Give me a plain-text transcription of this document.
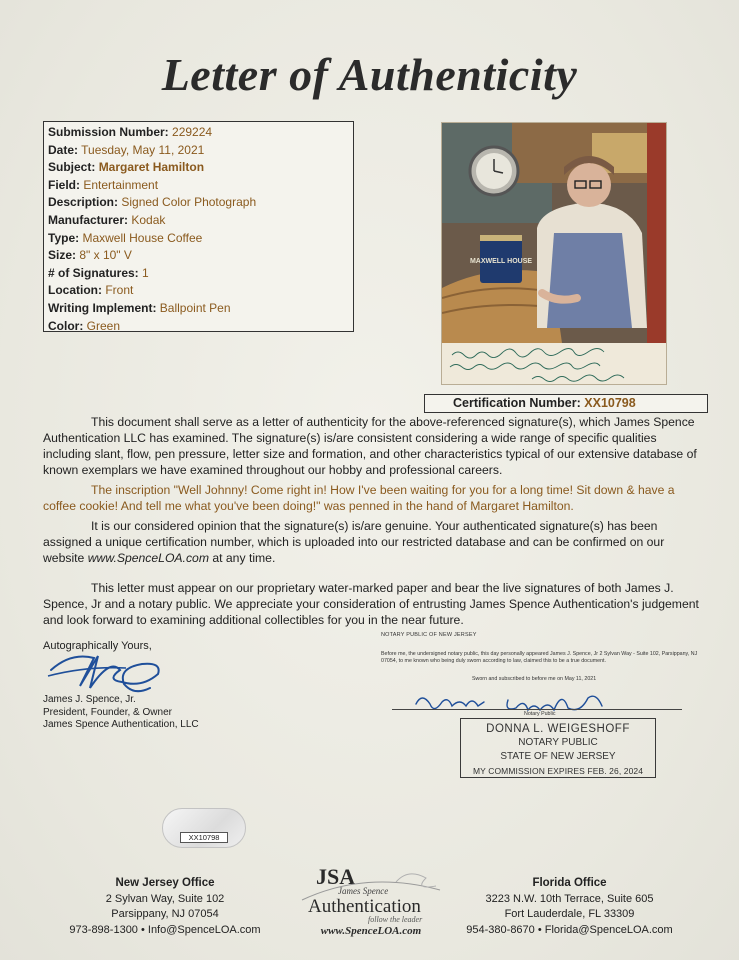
Letter of Authenticity
Submission Number: 229224
Date: Tuesday, May 11, 2021
Subject: Margaret Hamilton
Field: Entertainment
Description: Signed Color Photograph
Manufacturer: Kodak
Type: Maxwell House Coffee
Size: 8" x 10" V
# of Signatures: 1
Location: Front
Writing Implement: Ballpoint Pen
Color: Green
MAXWELL HOUSE
Certification Number: XX10798

This document shall serve as a letter of authenticity for the above-referenced signature(s), which James Spence Authentication LLC has examined. The signature(s) is/are consistent considering a wide range of specific qualities including slant, flow, pen pressure, letter size and formation, and other characteristics typical of our extensive database of known exemplars we have examined throughout our hobby and professional careers.

The inscription "Well Johnny! Come right in! How I've been waiting for you for a long time! Sit down & have a coffee cookie! And tell me what you've been doing!" was penned in the hand of Margaret Hamilton.

It is our considered opinion that the signature(s) is/are genuine. Your authenticated signature(s) has been assigned a unique certification number, which is uploaded into our restricted database and can be confirmed on our website www.SpenceLOA.com at any time.

This letter must appear on our proprietary water-marked paper and bear the live signatures of both James J. Spence, Jr and a notary public. We appreciate your consideration of entrusting James Spence Authentication's judgement and look forward to examining additional collectibles for you in the near future.

Autographically Yours,
James J. Spence, Jr.
President, Founder, & Owner
James Spence Authentication, LLC
NOTARY PUBLIC OF NEW JERSEY
Before me, the undersigned notary public, this day personally appeared James J. Spence, Jr 2 Sylvan Way - Suite 102, Parsippany, NJ 07054, to me known who being duly sworn according to law, claimed this to be a true document.
Sworn and subscribed to before me on May 11, 2021
Notary Public
DONNA L. WEIGESHOFF
NOTARY PUBLIC
STATE OF NEW JERSEY
MY COMMISSION EXPIRES FEB. 26, 2024
XX10798
New Jersey Office
2 Sylvan Way, Suite 102
Parsippany, NJ 07054
973-898-1300 • Info@SpenceLOA.com
Florida Office
3223 N.W. 10th Terrace, Suite 605
Fort Lauderdale, FL 33309
954-380-8670 • Florida@SpenceLOA.com
JSA
James Spence
Authentication
follow the leader
www.SpenceLOA.com
